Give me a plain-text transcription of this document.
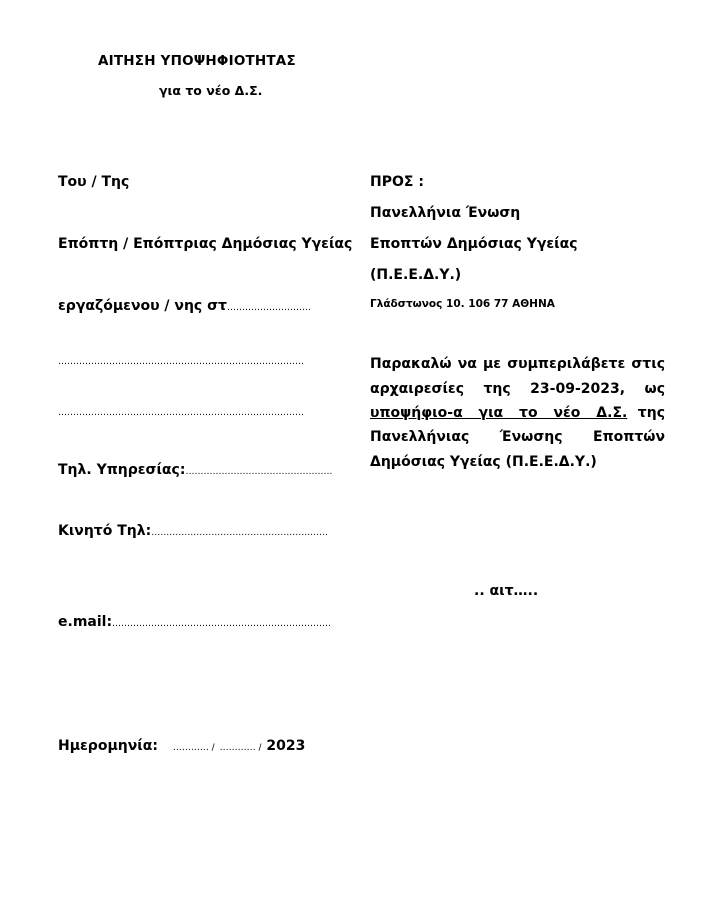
ΑΙΤΗΣΗ ΥΠΟΨΗΦΙΟΤΗΤΑΣ
για το νέο Δ.Σ.
Του / Της
Επόπτη / Επόπτριας Δημόσιας Υγείας
εργαζόμενου / νης στ……………………….
……………………………………………………………………….
……………………………………………………………………….
Τηλ. Υπηρεσίας:………………………………………….
Κινητό Τηλ:…………………………………………….…….
e.mail:……………………………………………………………….
Ημερομηνία: ………… / ………… / 2023
ΠΡΟΣ :
Πανελλήνια Ένωση
Εποπτών Δημόσιας Υγείας
(Π.Ε.Ε.Δ.Υ.)
Γλάδστωνος 10. 106 77 ΑΘΗΝΑ
Παρακαλώ να με συμπεριλάβετε στις
αρχαιρεσίες της 23-09-2023, ως
υποψήφιο-α για το νέο Δ.Σ. της
Πανελλήνιας Ένωσης Εποπτών
Δημόσιας Υγείας (Π.Ε.Ε.Δ.Υ.)
.. αιτ…..
